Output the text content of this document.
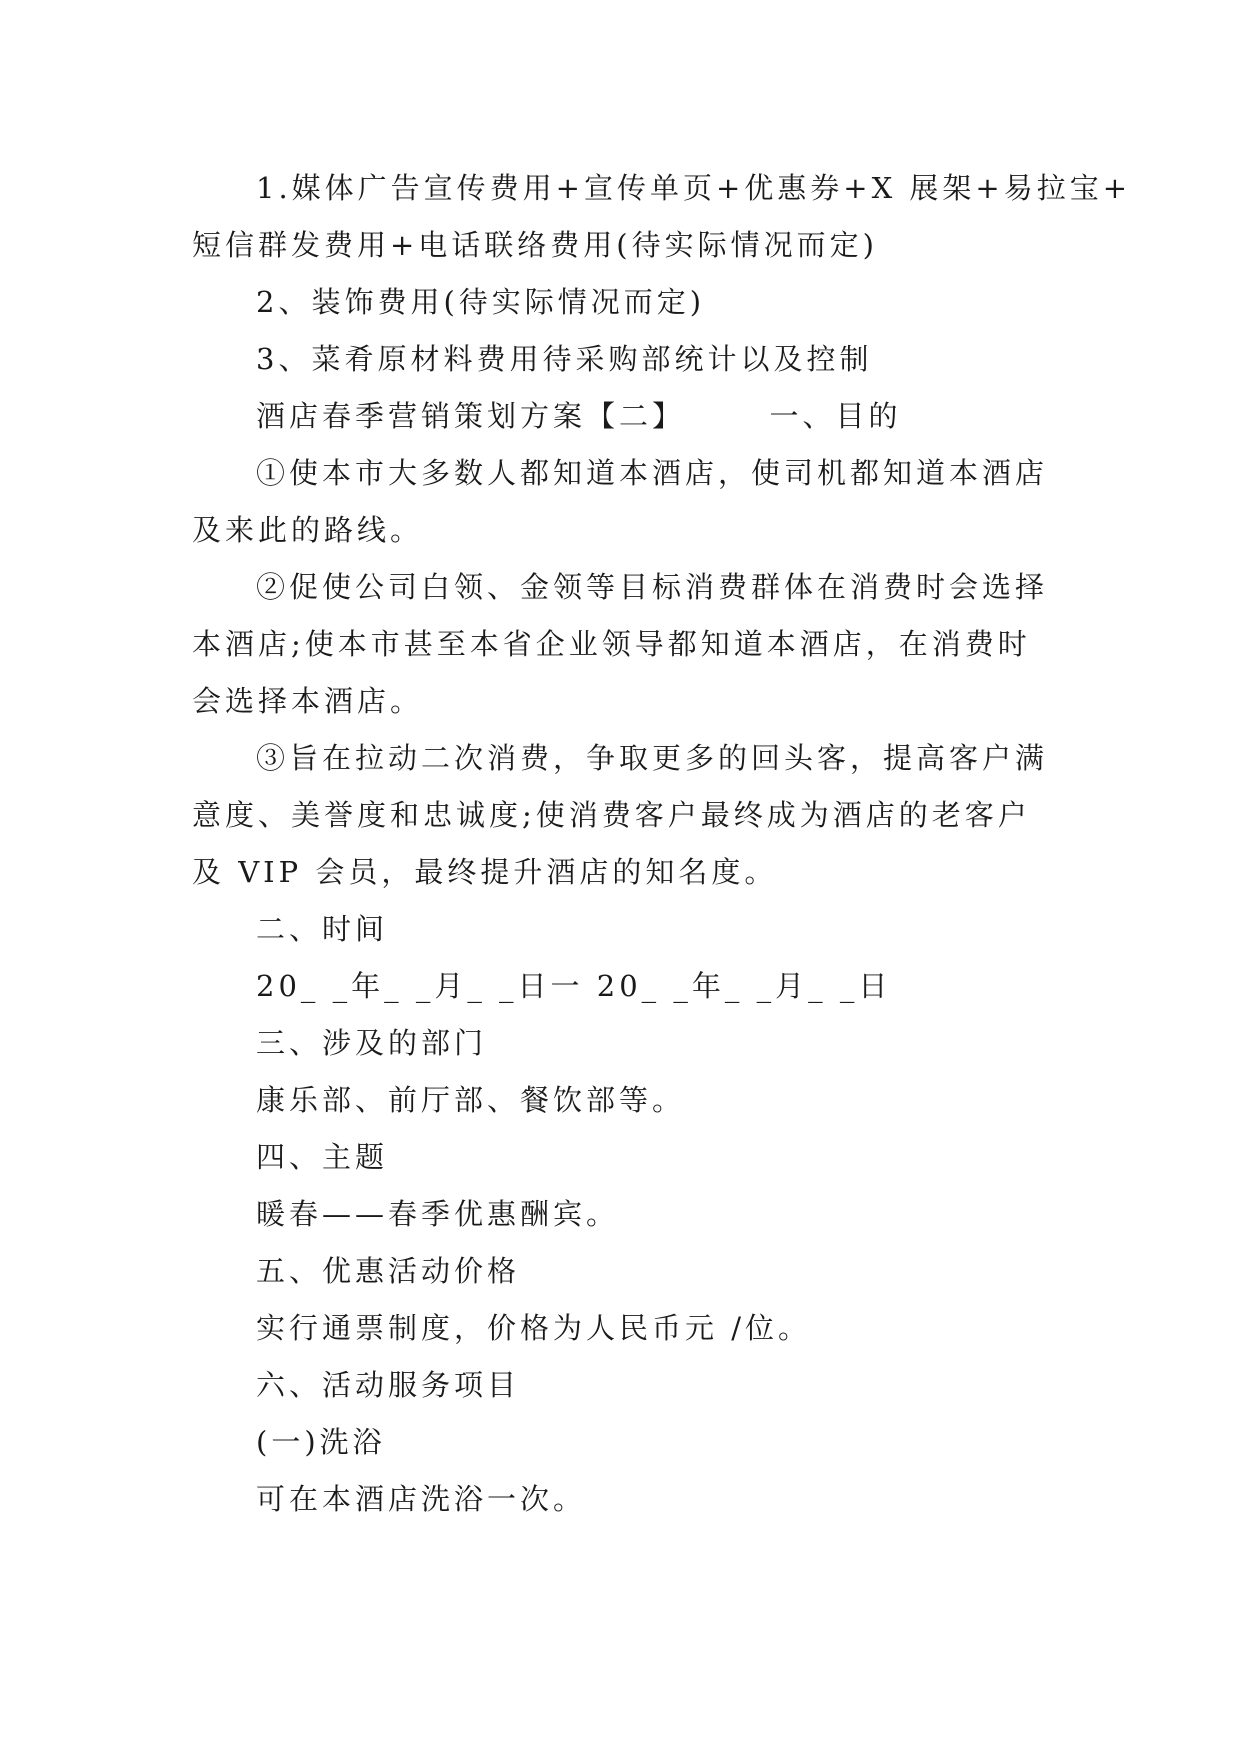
1.媒体广告宣传费用+宣传单页+优惠券+X 展架+易拉宝+
短信群发费用+电话联络费用(待实际情况而定)
2、装饰费用(待实际情况而定)
3、菜肴原材料费用待采购部统计以及控制
酒店春季营销策划方案【二】　　　一、目的
①使本市大多数人都知道本酒店，使司机都知道本酒店
及来此的路线。
②促使公司白领、金领等目标消费群体在消费时会选择
本酒店;使本市甚至本省企业领导都知道本酒店，在消费时
会选择本酒店。
③旨在拉动二次消费，争取更多的回头客，提高客户满
意度、美誉度和忠诚度;使消费客户最终成为酒店的老客户
及 VIP 会员，最终提升酒店的知名度。
二、时间
20_ _年_ _月_ _日一 20_ _年_ _月_ _日
三、涉及的部门
康乐部、前厅部、餐饮部等。
四、主题
暖春——春季优惠酬宾。
五、优惠活动价格
实行通票制度，价格为人民币元 /位。
六、活动服务项目
(一)洗浴
可在本酒店洗浴一次。
